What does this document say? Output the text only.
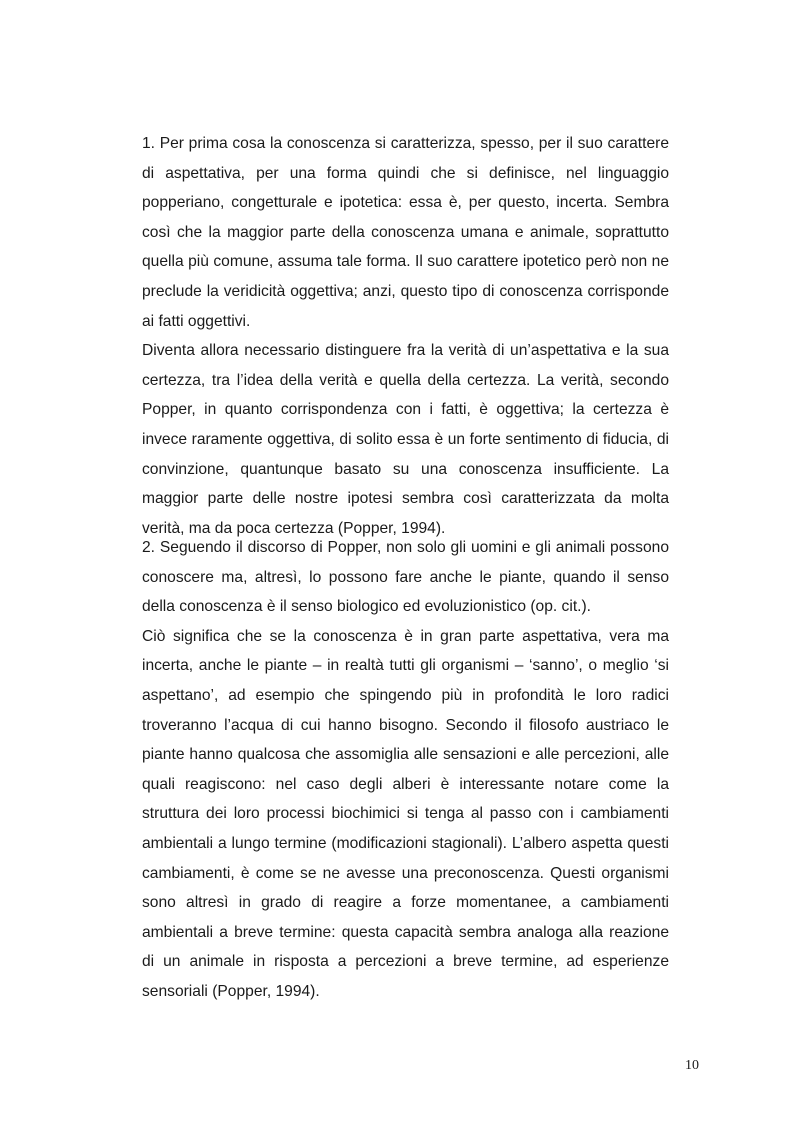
1. Per prima cosa la conoscenza si caratterizza, spesso, per il suo carattere di aspettativa, per una forma quindi che si definisce, nel linguaggio popperiano, congetturale e ipotetica: essa è, per questo, incerta. Sembra così che la maggior parte della conoscenza umana e animale, soprattutto quella più comune, assuma tale forma. Il suo carattere ipotetico però non ne preclude la veridicità oggettiva; anzi, questo tipo di conoscenza corrisponde ai fatti oggettivi.

Diventa allora necessario distinguere fra la verità di un’aspettativa e la sua certezza, tra l’idea della verità e quella della certezza. La verità, secondo Popper, in quanto corrispondenza con i fatti, è oggettiva; la certezza è invece raramente oggettiva, di solito essa è un forte sentimento di fiducia, di convinzione, quantunque basato su una conoscenza insufficiente. La maggior parte delle nostre ipotesi sembra così caratterizzata da molta verità, ma da poca certezza (Popper, 1994).

2. Seguendo il discorso di Popper, non solo gli uomini e gli animali possono conoscere ma, altresì, lo possono fare anche le piante, quando il senso della conoscenza è il senso biologico ed evoluzionistico (op. cit.).

Ciò significa che se la conoscenza è in gran parte aspettativa, vera ma incerta, anche le piante – in realtà tutti gli organismi – ‘sanno’, o meglio ‘si aspettano’, ad esempio che spingendo più in profondità le loro radici troveranno l’acqua di cui hanno bisogno. Secondo il filosofo austriaco le piante hanno qualcosa che assomiglia alle sensazioni e alle percezioni, alle quali reagiscono: nel caso degli alberi è interessante notare come la struttura dei loro processi biochimici si tenga al passo con i cambiamenti ambientali a lungo termine (modificazioni stagionali). L’albero aspetta questi cambiamenti, è come se ne avesse una preconoscenza. Questi organismi sono altresì in grado di reagire a forze momentanee, a cambiamenti ambientali a breve termine: questa capacità sembra analoga alla reazione di un animale in risposta a percezioni a breve termine, ad esperienze sensoriali (Popper, 1994).

10
